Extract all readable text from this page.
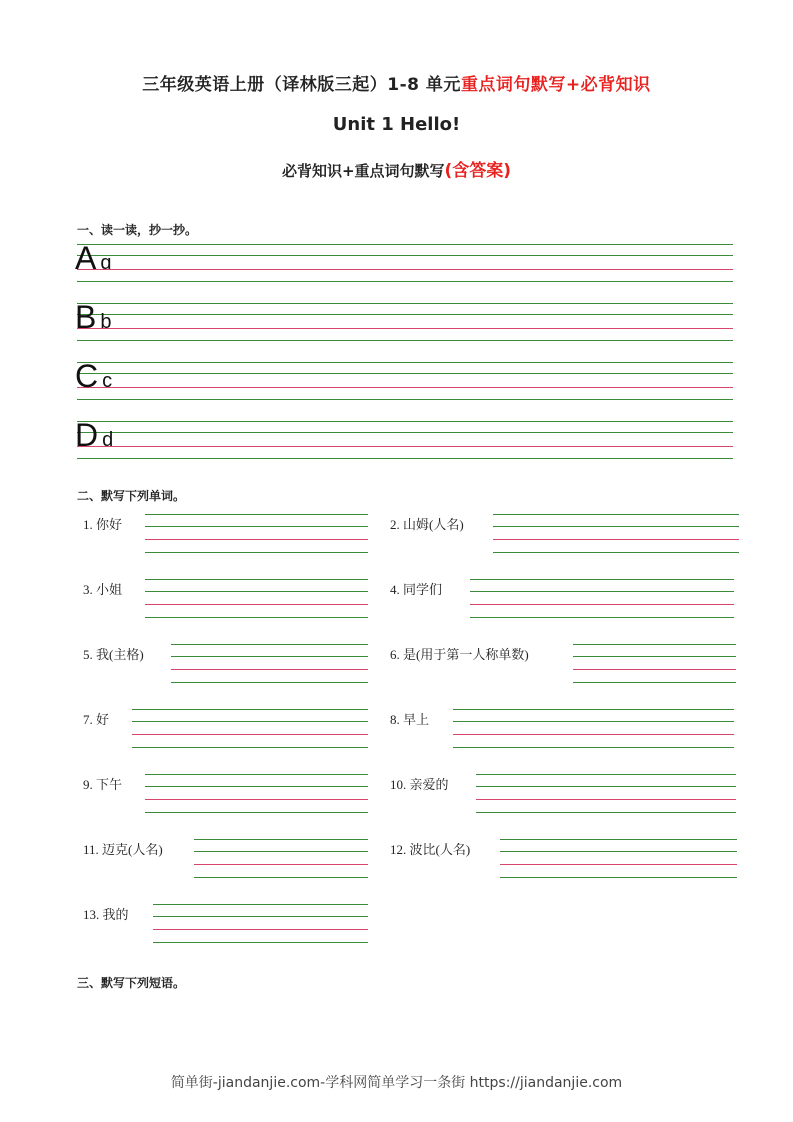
三年级英语上册（译林版三起）1-8 单元重点词句默写+必背知识
Unit 1 Hello!
必背知识+重点词句默写(含答案)
一、读一读，抄一抄。
Aɑ
Bb
Cc
Dd
二、默写下列单词。
1. 你好	2. 山姆(人名)
3. 小姐	4. 同学们
5. 我(主格)	6. 是(用于第一人称单数)
7. 好	8. 早上
9. 下午	10. 亲爱的
11. 迈克(人名)	12. 波比(人名)
13. 我的
三、默写下列短语。
简单街-jiandanjie.com-学科网简单学习一条街 https://jiandanjie.com
